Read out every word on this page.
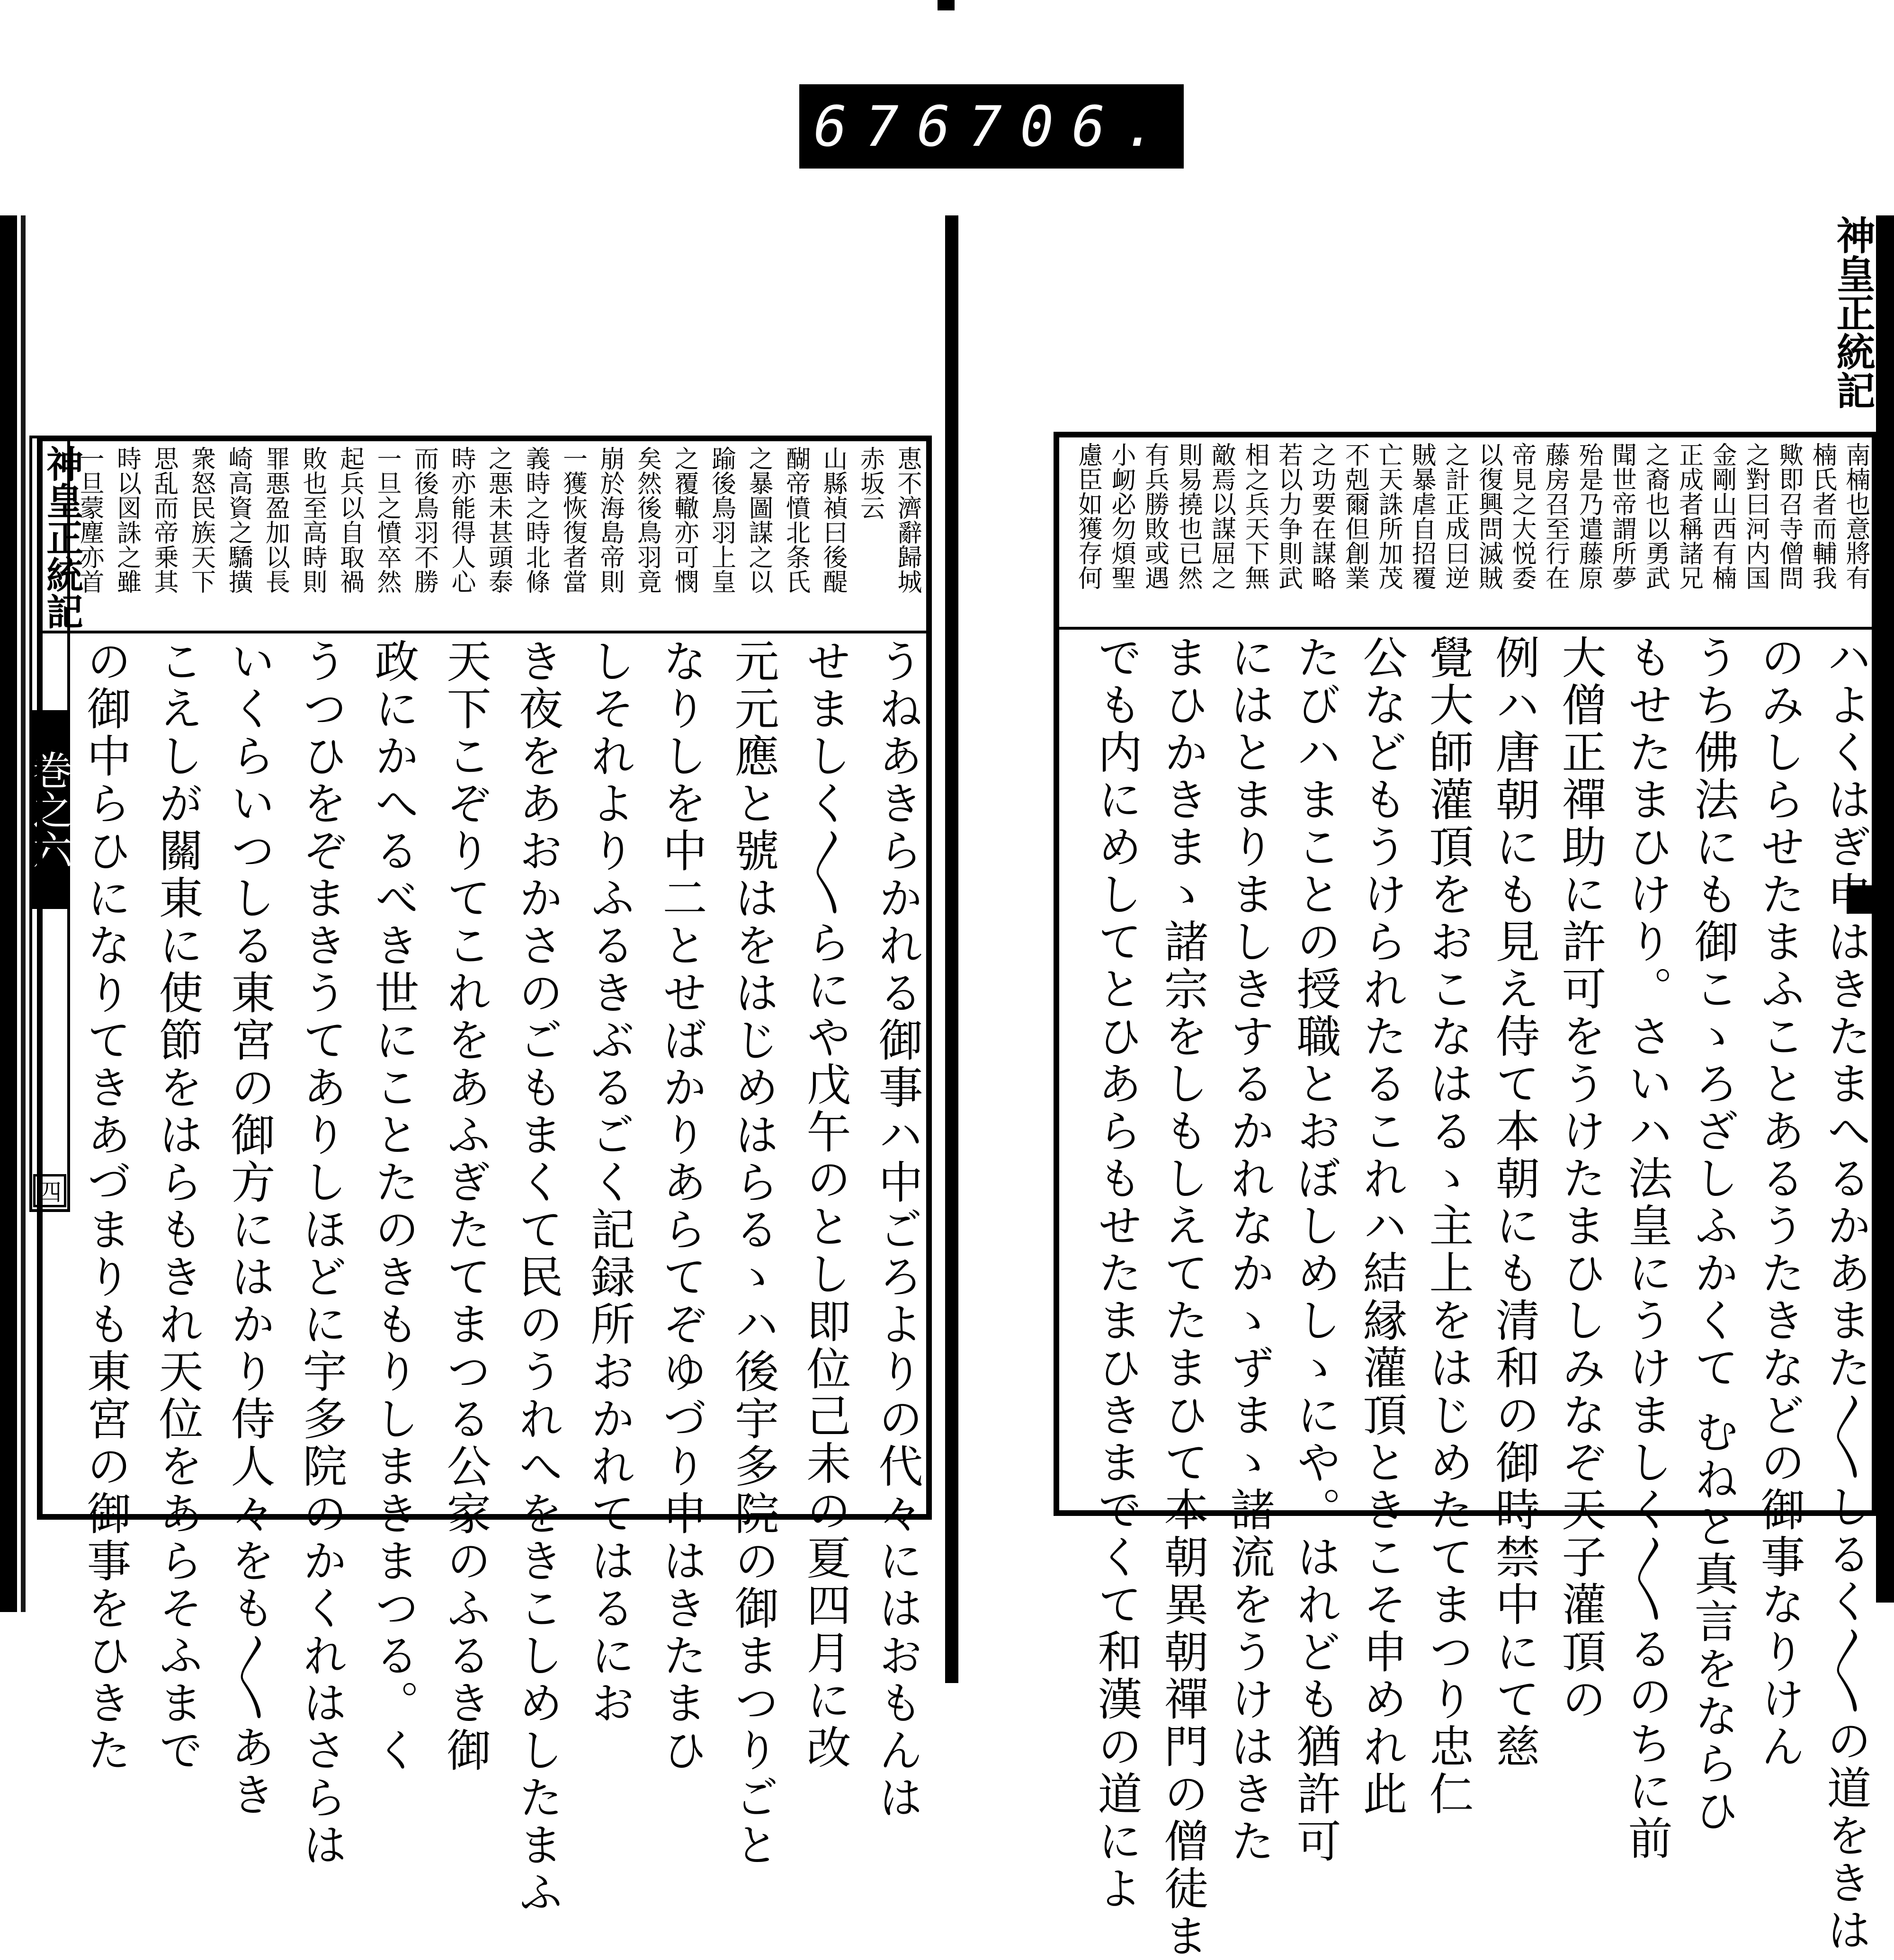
676 706.
神皇正統記
巻之六
四
神皇正統記
南楠也意將有
楠氏者而輔我
歟即召寺僧問
之對曰河内国
金剛山西有楠
正成者稱諸兄
之裔也以勇武
聞世帝謂所夢
殆是乃遣藤原
藤房召至行在
帝見之大悦委
以復興問滅賊
之計正成曰逆
賊暴虐自招覆
亡天誅所加茂
不剋爾但創業
之功要在謀略
若以力争則武
相之兵天下無
敵焉以謀屈之
則易撓也已然
有兵勝敗或遇
小衂必勿煩聖
慮臣如獲存何
ハよくはぎ申はきたまへるかあまた〳〵しるく〳〵の道をきは
のみしらせたまふことあるうたきなどの御事なりけん
うち佛法にも御こゝろざしふかくて むねと真言をならひ
もせたまひけり。さいハ法皇にうけましく〳〵るのちに前
大僧正禪助に許可をうけたまひしみなぞ天子灌頂の
例ハ唐朝にも見え侍て本朝にも清和の御時禁中にて慈
覺大師灌頂をおこなはるゝ主上をはじめたてまつり忠仁
公などもうけられたるこれハ結縁灌頂ときこそ申めれ此
たびハまことの授職とおぼしめしゝにや。はれども猶許可
にはとまりましきするかれなかゝずまゝ諸流をうけはきた
まひかきまゝ諸宗をしもしえてたまひて本朝異朝禪門の僧徒ま
でも内にめしてとひあらもせたまひきまでくて和漢の道によ
恵不濟辭歸城
赤坂云
山縣禎曰後醍
醐帝憤北条氏
之暴圖謀之以
踰後鳥羽上皇
之覆轍亦可憫
矣然後鳥羽竟
崩於海島帝則
一獲恢復者當
義時之時北條
之悪未甚頭泰
時亦能得人心
而後鳥羽不勝
一旦之憤卒然
起兵以自取禍
敗也至高時則
罪悪盈加以長
崎高資之驕撗
衆怒民族天下
思乱而帝乗其
時以図誅之雖
一旦蒙塵亦首
うねあきらかれる御事ハ中ごろよりの代々にはおもんは
せましく〳〵らにや戊午のとし即位己未の夏四月に改
元元應と號はをはじめはらるゝハ後宇多院の御まつりごと
なりしを中二とせばかりあらてぞゆづり申はきたまひ
しそれよりふるきぶるごく記録所おかれてはるにお
き夜をあおかさのごもまくて民のうれへをきこしめしたまふ
天下こぞりてこれをあふぎたてまつる公家のふるき御
政にかへるべき世にことたのきもりしまきまつる。く
うつひをぞまきうてありしほどに宇多院のかくれはさらは
いくらいつしる東宮の御方にはかり侍人々をも〳〵あき
こえしが關東に使節をはらもきれ天位をあらそふまで
の御中らひになりてきあづまりも東宮の御事をひきた
